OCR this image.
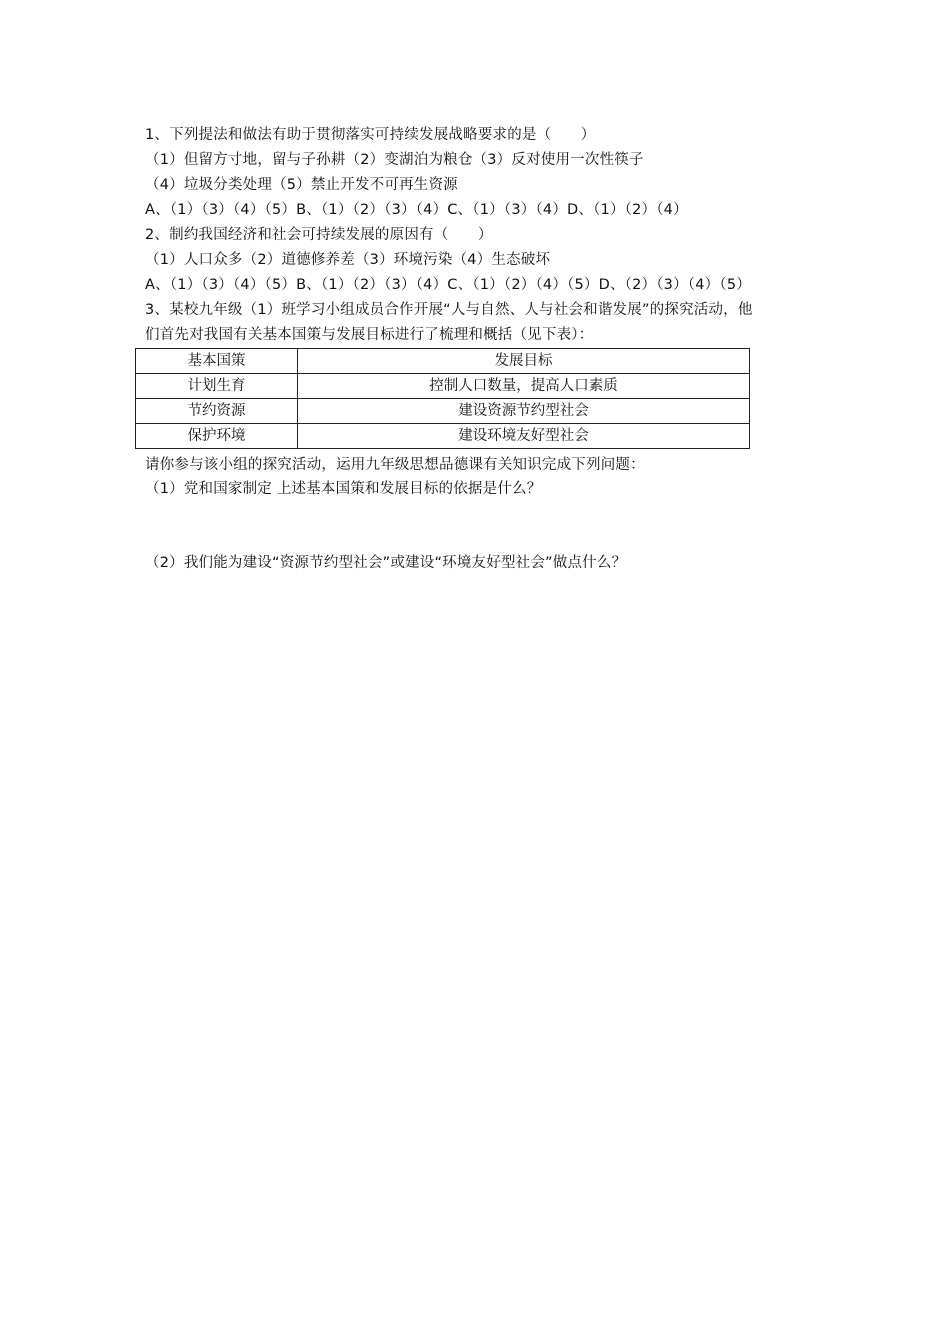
1、下列提法和做法有助于贯彻落实可持续发展战略要求的是（　　）
（1）但留方寸地，留与子孙耕（2）变湖泊为粮仓（3）反对使用一次性筷子
（4）垃圾分类处理（5）禁止开发不可再生资源
A、（1）（3）（4）（5）B、（1）（2）（3）（4）C、（1）（3）（4）D、（1）（2）（4）
2、制约我国经济和社会可持续发展的原因有（　　）
（1）人口众多（2）道德修养差（3）环境污染（4）生态破坏
A、（1）（3）（4）（5）B、（1）（2）（3）（4）C、（1）（2）（4）（5）D、（2）（3）（4）（5）
3、某校九年级（1）班学习小组成员合作开展“人与自然、人与社会和谐发展”的探究活动，他
们首先对我国有关基本国策与发展目标进行了梳理和概括（见下表）：
基本国策	发展目标
计划生育	控制人口数量，提高人口素质
节约资源	建设资源节约型社会
保护环境	建设环境友好型社会
请你参与该小组的探究活动，运用九年级思想品德课有关知识完成下列问题：
（1）党和国家制定 上述基本国策和发展目标的依据是什么？
（2）我们能为建设“资源节约型社会”或建设“环境友好型社会”做点什么？
